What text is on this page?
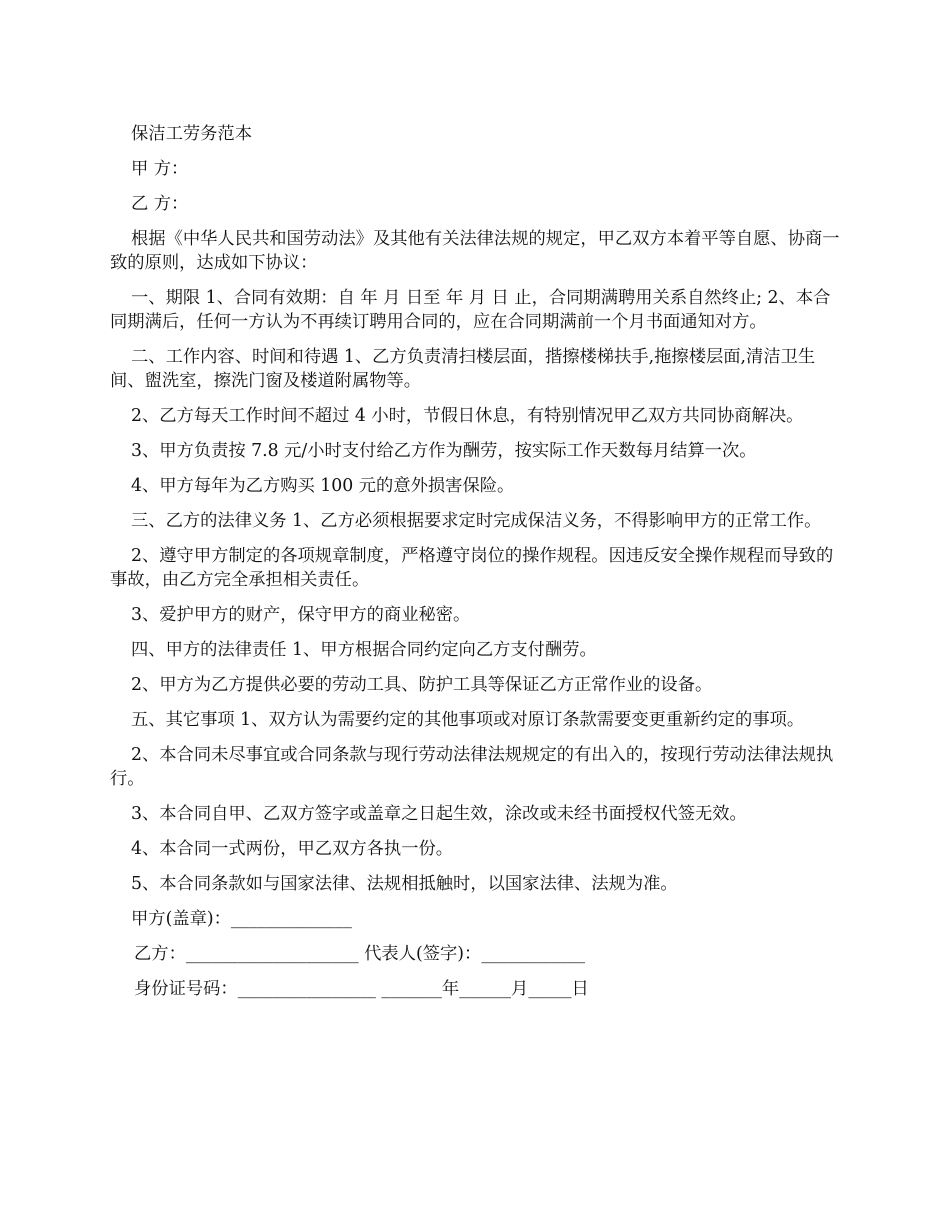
保洁工劳务范本

甲 方：

乙 方：

根据《中华人民共和国劳动法》及其他有关法律法规的规定，甲乙双方本着平等自愿、协商一致的原则，达成如下协议：

一、期限 1、合同有效期：自 年 月 日至 年 月 日 止，合同期满聘用关系自然终止; 2、本合同期满后，任何一方认为不再续订聘用合同的，应在合同期满前一个月书面通知对方。

二、工作内容、时间和待遇 1、乙方负责清扫楼层面，揩擦楼梯扶手,拖擦楼层面,清洁卫生间、盥洗室，擦洗门窗及楼道附属物等。

2、乙方每天工作时间不超过 4 小时，节假日休息，有特别情况甲乙双方共同协商解决。

3、甲方负责按 7.8 元/小时支付给乙方作为酬劳，按实际工作天数每月结算一次。

4、甲方每年为乙方购买 100 元的意外损害保险。

三、乙方的法律义务 1、乙方必须根据要求定时完成保洁义务，不得影响甲方的正常工作。

2、遵守甲方制定的各项规章制度，严格遵守岗位的操作规程。因违反安全操作规程而导致的事故，由乙方完全承担相关责任。

3、爱护甲方的财产，保守甲方的商业秘密。

四、甲方的法律责任 1、甲方根据合同约定向乙方支付酬劳。

2、甲方为乙方提供必要的劳动工具、防护工具等保证乙方正常作业的设备。

五、其它事项 1、双方认为需要约定的其他事项或对原订条款需要变更重新约定的事项。

2、本合同未尽事宜或合同条款与现行劳动法律法规规定的有出入的，按现行劳动法律法规执行。

3、本合同自甲、乙双方签字或盖章之日起生效，涂改或未经书面授权代签无效。

4、本合同一式两份，甲乙双方各执一份。

5、本合同条款如与国家法律、法规相抵触时，以国家法律、法规为准。

甲方(盖章)：______________
乙方：____________________ 代表人(签字)：____________
身份证号码：________________ _______年______月_____日
